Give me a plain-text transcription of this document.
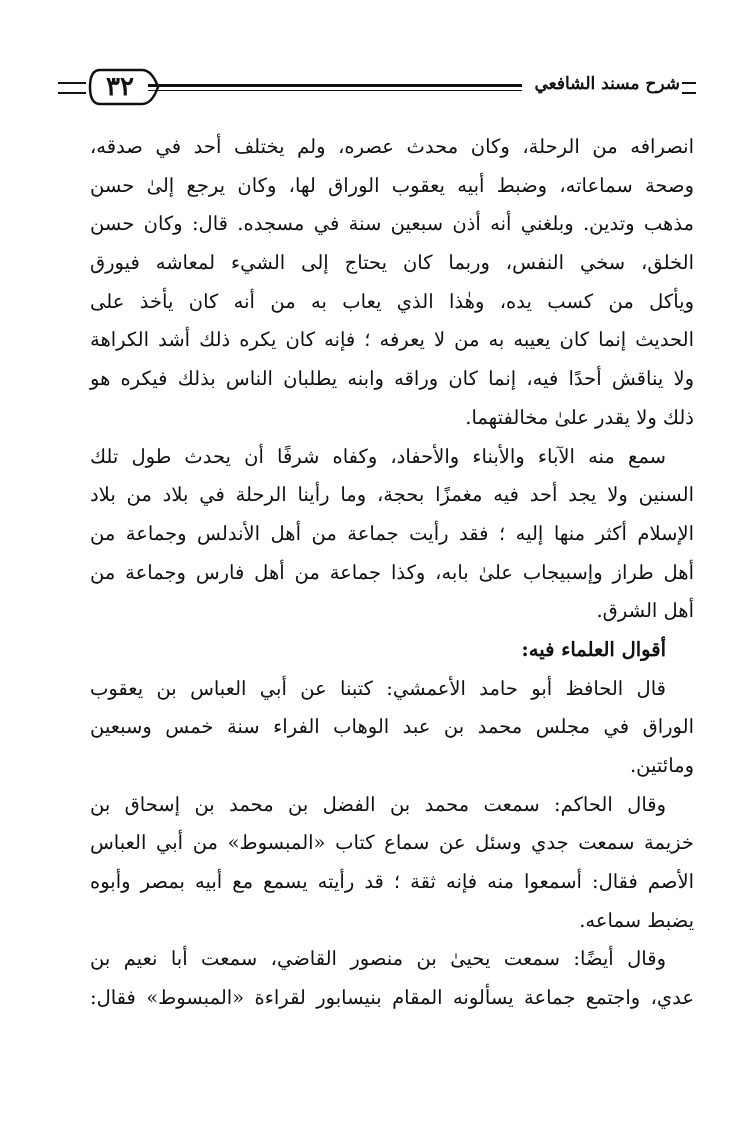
شرح مسند الشافعي
٣٢
انصرافه من الرحلة، وكان محدث عصره، ولم يختلف أحد في صدقه،
وصحة سماعاته، وضبط أبيه يعقوب الوراق لها، وكان يرجع إلىٰ حسن
مذهب وتدين. وبلغني أنه أذن سبعين سنة في مسجده. قال: وكان حسن
الخلق، سخي النفس، وربما كان يحتاج إلى الشيء لمعاشه فيورق
ويأكل من كسب يده، وهٰذا الذي يعاب به من أنه كان يأخذ على
الحديث إنما كان يعيبه به من لا يعرفه ؛ فإنه كان يكره ذلك أشد الكراهة
ولا يناقش أحدًا فيه، إنما كان وراقه وابنه يطلبان الناس بذلك فيكره هو
ذلك ولا يقدر علىٰ مخالفتهما.
سمع منه الآباء والأبناء والأحفاد، وكفاه شرفًا أن يحدث طول تلك
السنين ولا يجد أحد فيه مغمزًا بحجة، وما رأينا الرحلة في بلاد من بلاد
الإسلام أكثر منها إليه ؛ فقد رأيت جماعة من أهل الأندلس وجماعة من
أهل طراز وإسبيجاب علىٰ بابه، وكذا جماعة من أهل فارس وجماعة من
أهل الشرق.
أقوال العلماء فيه:
قال الحافظ أبو حامد الأعمشي: كتبنا عن أبي العباس بن يعقوب
الوراق في مجلس محمد بن عبد الوهاب الفراء سنة خمس وسبعين
ومائتين.
وقال الحاكم: سمعت محمد بن الفضل بن محمد بن إسحاق بن
خزيمة سمعت جدي وسئل عن سماع كتاب «المبسوط» من أبي العباس
الأصم فقال: أسمعوا منه فإنه ثقة ؛ قد رأيته يسمع مع أبيه بمصر وأبوه
يضبط سماعه.
وقال أيضًا: سمعت يحيىٰ بن منصور القاضي، سمعت أبا نعيم بن
عدي، واجتمع جماعة يسألونه المقام بنيسابور لقراءة «المبسوط» فقال:
